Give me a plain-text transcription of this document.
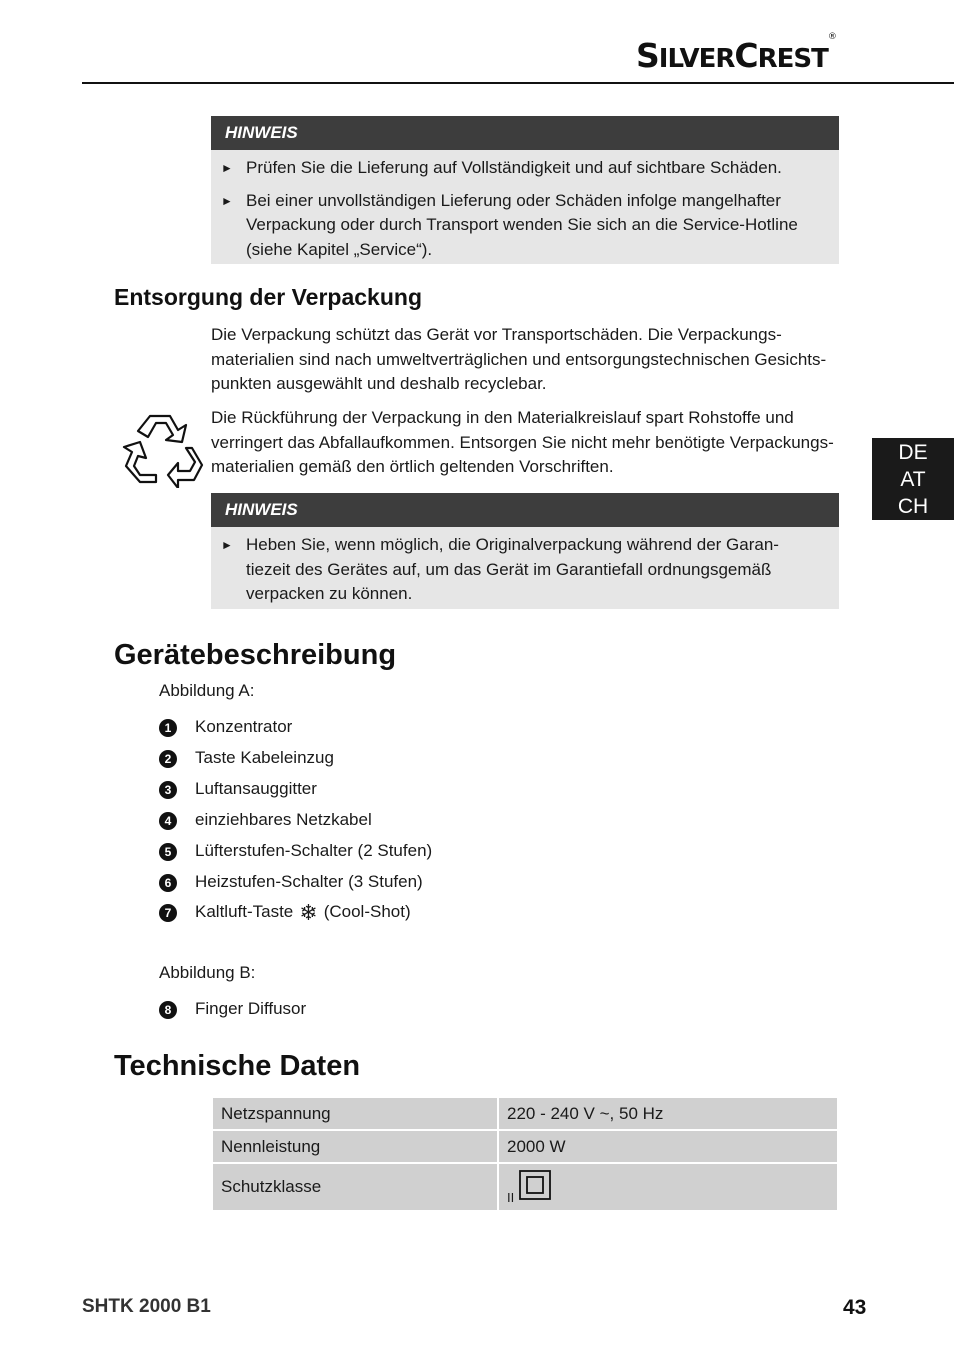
SILVERCREST®
HINWEIS
► Prüfen Sie die Lieferung auf Vollständigkeit und auf sichtbare Schäden.
► Bei einer unvollständigen Lieferung oder Schäden infolge mangelhafter Verpackung oder durch Transport wenden Sie sich an die Service-Hotline (siehe Kapitel „Service“).
Entsorgung der Verpackung
Die Verpackung schützt das Gerät vor Transportschäden. Die Verpackungs-materialien sind nach umweltverträglichen und entsorgungstechnischen Gesichts-punkten ausgewählt und deshalb recyclebar.
Die Rückführung der Verpackung in den Materialkreislauf spart Rohstoffe und verringert das Abfallaufkommen. Entsorgen Sie nicht mehr benötigte Verpackungs-materialien gemäß den örtlich geltenden Vorschriften.
HINWEIS
► Heben Sie, wenn möglich, die Originalverpackung während der Garan-tiezeit des Gerätes auf, um das Gerät im Garantiefall ordnungsgemäß verpacken zu können.
DE
AT
CH
Gerätebeschreibung
Abbildung A:
1 Konzentrator
2 Taste Kabeleinzug
3 Luftansauggitter
4 einziehbares Netzkabel
5 Lüfterstufen-Schalter (2 Stufen)
6 Heizstufen-Schalter (3 Stufen)
7 Kaltluft-Taste ❄ (Cool-Shot)
Abbildung B:
8 Finger Diffusor
Technische Daten
Netzspannung	220 - 240 V ~, 50 Hz
Nennleistung	2000 W
Schutzklasse	II
SHTK 2000 B1	43
